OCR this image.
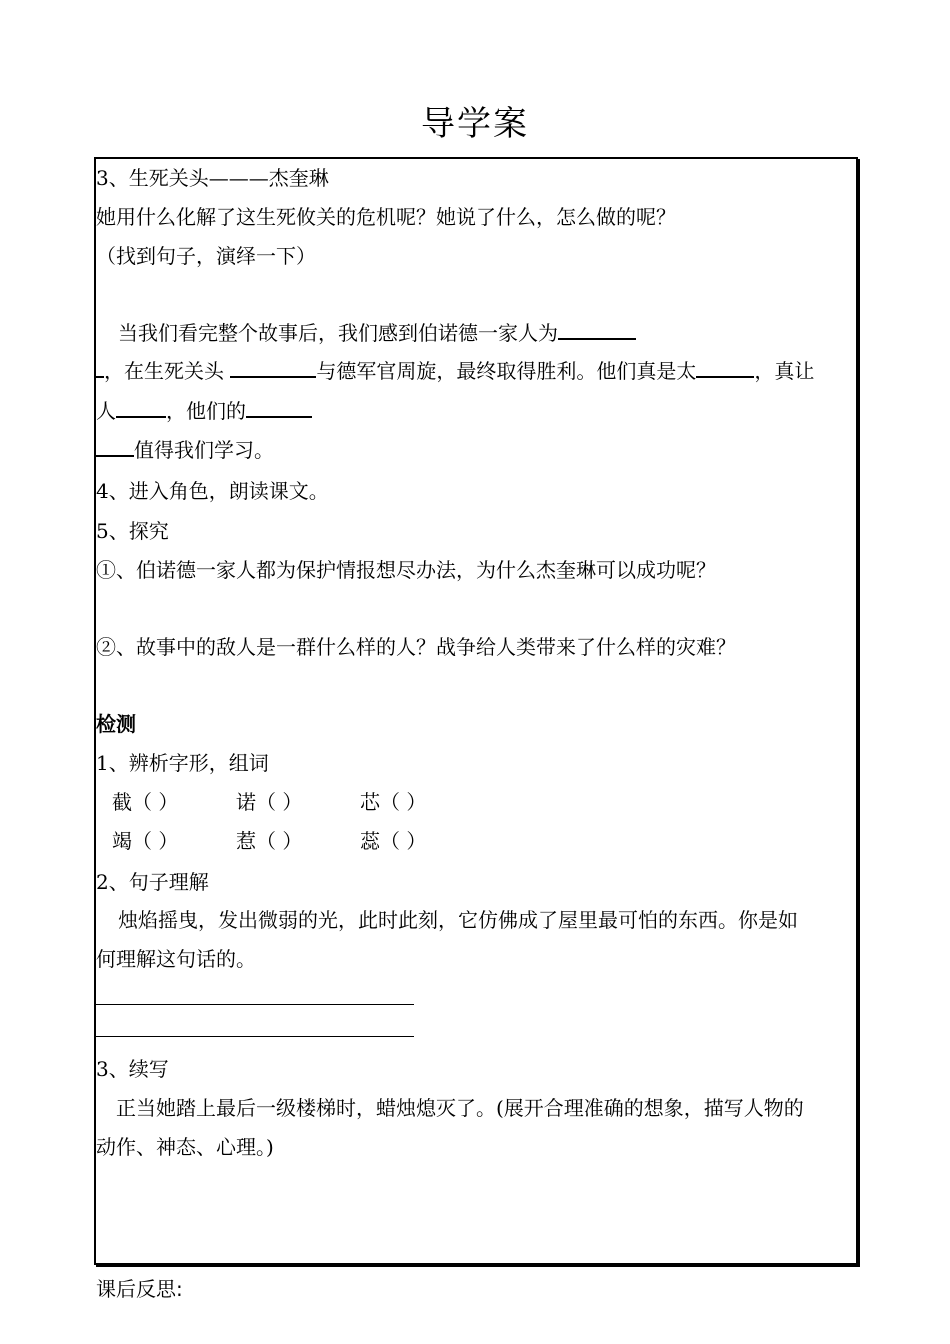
导学案
3、生死关头———杰奎琳
她用什么化解了这生死攸关的危机呢？她说了什么，怎么做的呢？
（找到句子，演绎一下）
当我们看完整个故事后，我们感到伯诺德一家人为
，在生死关头	与德军官周旋，最终取得胜利。他们真是太	，真让
人	，他们的
值得我们学习。
4、进入角色，朗读课文。
5、探究
①、伯诺德一家人都为保护情报想尽办法，为什么杰奎琳可以成功呢？
②、故事中的敌人是一群什么样的人？战争给人类带来了什么样的灾难？
检测
1、辨析字形，组词
截（ ）	诺（ ）	芯（ ）
竭（ ）	惹（ ）	蕊（ ）
2、句子理解
烛焰摇曳，发出微弱的光，此时此刻，它仿佛成了屋里最可怕的东西。你是如
何理解这句话的。
3、续写
正当她踏上最后一级楼梯时，蜡烛熄灭了。(展开合理准确的想象，描写人物的
动作、神态、心理。)
课后反思:
